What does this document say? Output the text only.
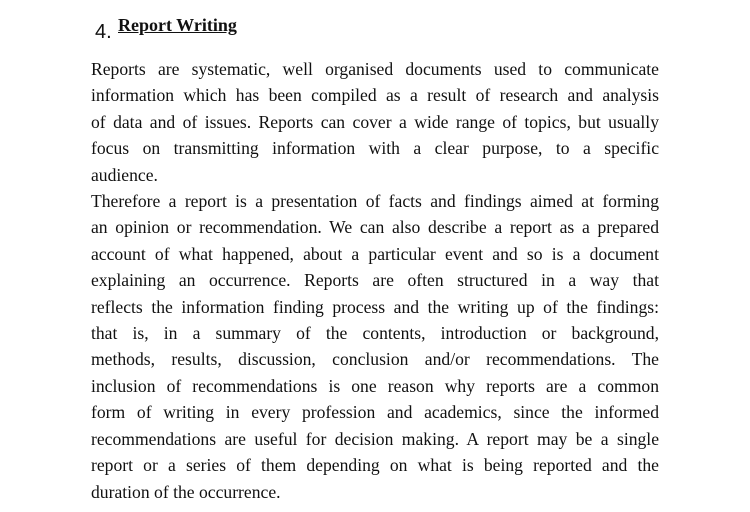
4. Report Writing

Reports are systematic, well organised documents used to communicate
information which has been compiled as a result of research and analysis
of data and of issues. Reports can cover a wide range of topics, but usually
focus on transmitting information with a clear purpose, to a specific
audience.

Therefore a report is a presentation of facts and findings aimed at forming
an opinion or recommendation. We can also describe a report as a prepared
account of what happened, about a particular event and so is a document
explaining an occurrence. Reports are often structured in a way that
reflects the information finding process and the writing up of the findings:
that is, in a summary of the contents, introduction or background,
methods, results, discussion, conclusion and/or recommendations. The
inclusion of recommendations is one reason why reports are a common
form of writing in every profession and academics, since the informed
recommendations are useful for decision making. A report may be a single
report or a series of them depending on what is being reported and the
duration of the occurrence.
